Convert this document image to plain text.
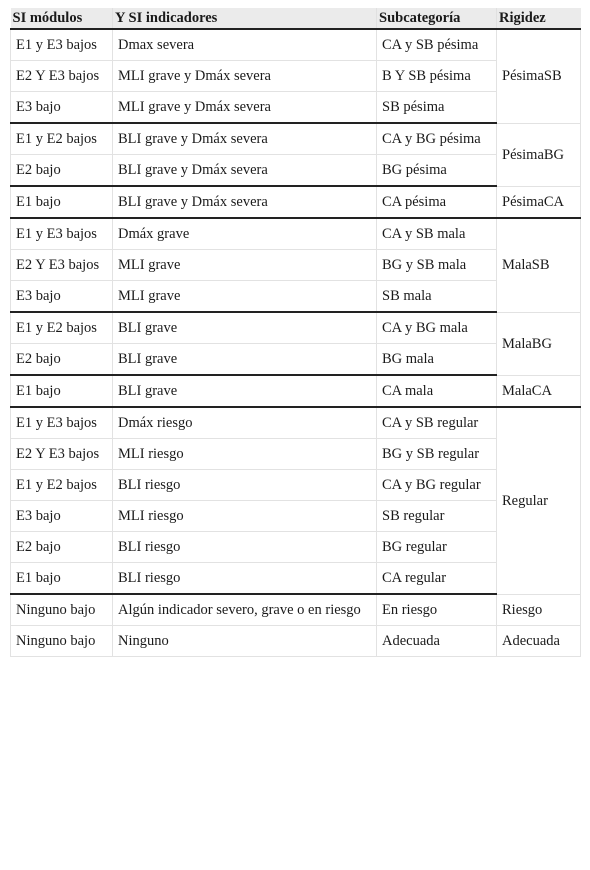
SI módulos	Y SI indicadores	Subcategoría	Rigidez
E1 y E3 bajos	Dmax severa	CA y SB pésima	PésimaSB
E2 Y E3 bajos	MLI grave y Dmáx severa	B Y SB pésima	
E3 bajo	MLI grave y Dmáx severa	SB pésima	
E1 y E2 bajos	BLI grave y Dmáx severa	CA y BG pésima	PésimaBG
E2 bajo	BLI grave y Dmáx severa	BG pésima	
E1 bajo	BLI grave y Dmáx severa	CA pésima	PésimaCA
E1 y E3 bajos	Dmáx grave	CA y SB mala	MalaSB
E2 Y E3 bajos	MLI grave	BG y SB mala	
E3 bajo	MLI grave	SB mala	
E1 y E2 bajos	BLI grave	CA y BG mala	MalaBG
E2 bajo	BLI grave	BG mala	
E1 bajo	BLI grave	CA mala	MalaCA
E1 y E3 bajos	Dmáx riesgo	CA y SB regular	Regular
E2 Y E3 bajos	MLI riesgo	BG y SB regular	
E1 y E2 bajos	BLI riesgo	CA y BG regular	
E3 bajo	MLI riesgo	SB regular	
E2 bajo	BLI riesgo	BG regular	
E1 bajo	BLI riesgo	CA regular	
Ninguno bajo	Algún indicador severo, grave o en riesgo	En riesgo	Riesgo
Ninguno bajo	Ninguno	Adecuada	Adecuada
